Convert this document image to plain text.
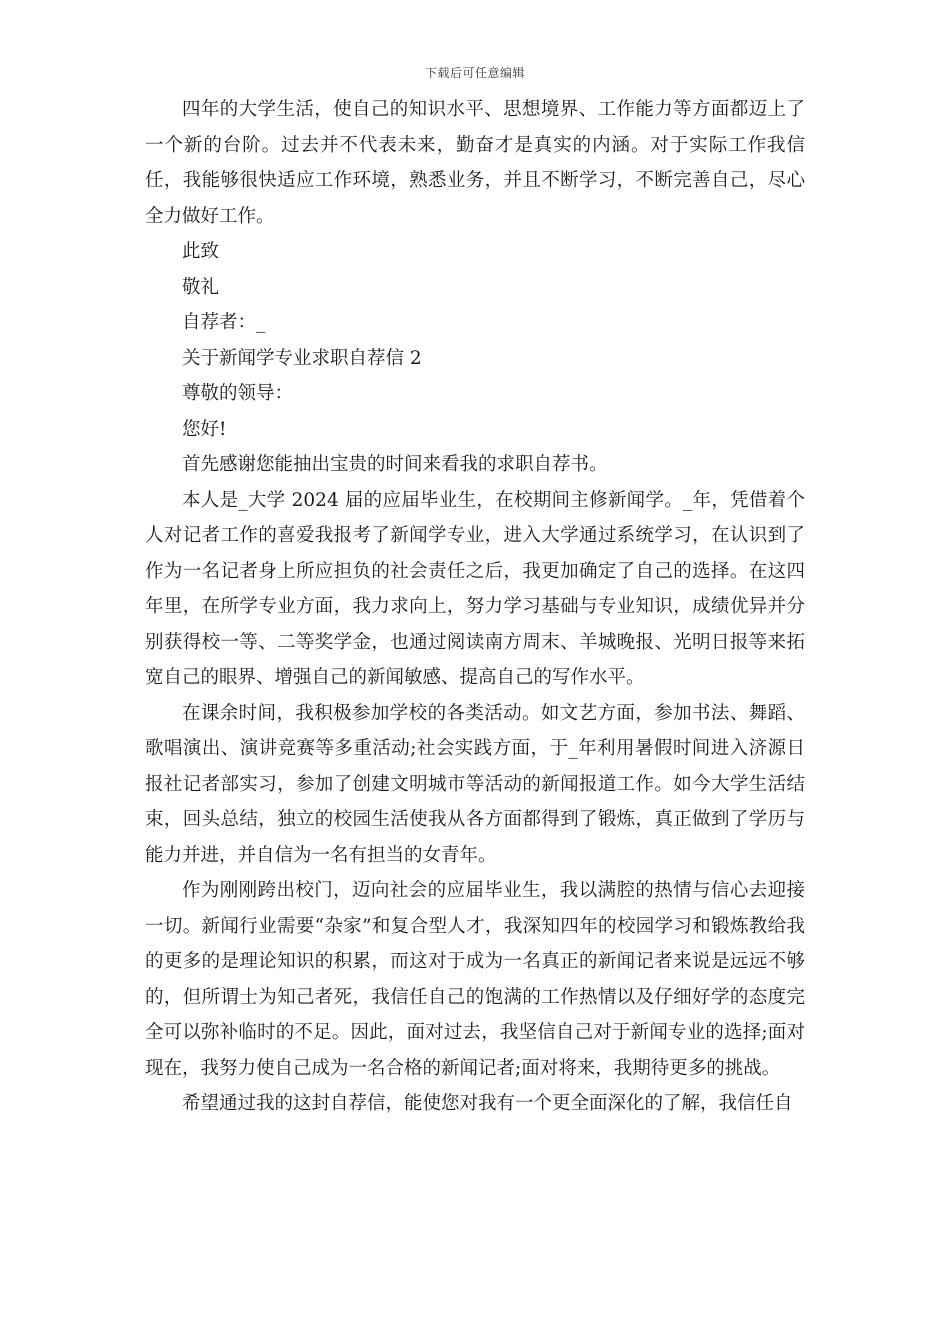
下载后可任意编辑

四年的大学生活，使自己的知识水平、思想境界、工作能力等方面都迈上了一个新的台阶。过去并不代表未来，勤奋才是真实的内涵。对于实际工作我信任，我能够很快适应工作环境，熟悉业务，并且不断学习，不断完善自己，尽心全力做好工作。

此致

敬礼

自荐者：_

关于新闻学专业求职自荐信 2

尊敬的领导：

您好!

首先感谢您能抽出宝贵的时间来看我的求职自荐书。

本人是_大学 2024 届的应届毕业生，在校期间主修新闻学。_年，凭借着个人对记者工作的喜爱我报考了新闻学专业，进入大学通过系统学习，在认识到了作为一名记者身上所应担负的社会责任之后，我更加确定了自己的选择。在这四年里，在所学专业方面，我力求向上，努力学习基础与专业知识，成绩优异并分别获得校一等、二等奖学金，也通过阅读南方周末、羊城晚报、光明日报等来拓宽自己的眼界、增强自己的新闻敏感、提高自己的写作水平。

在课余时间，我积极参加学校的各类活动。如文艺方面，参加书法、舞蹈、歌唱演出、演讲竞赛等多重活动;社会实践方面，于_年利用暑假时间进入济源日报社记者部实习，参加了创建文明城市等活动的新闻报道工作。如今大学生活结束，回头总结，独立的校园生活使我从各方面都得到了锻炼，真正做到了学历与能力并进，并自信为一名有担当的女青年。

作为刚刚跨出校门，迈向社会的应届毕业生，我以满腔的热情与信心去迎接一切。新闻行业需要“杂家”和复合型人才，我深知四年的校园学习和锻炼教给我的更多的是理论知识的积累，而这对于成为一名真正的新闻记者来说是远远不够的，但所谓士为知己者死，我信任自己的饱满的工作热情以及仔细好学的态度完全可以弥补临时的不足。因此，面对过去，我坚信自己对于新闻专业的选择;面对现在，我努力使自己成为一名合格的新闻记者;面对将来，我期待更多的挑战。

希望通过我的这封自荐信，能使您对我有一个更全面深化的了解，我信任自
